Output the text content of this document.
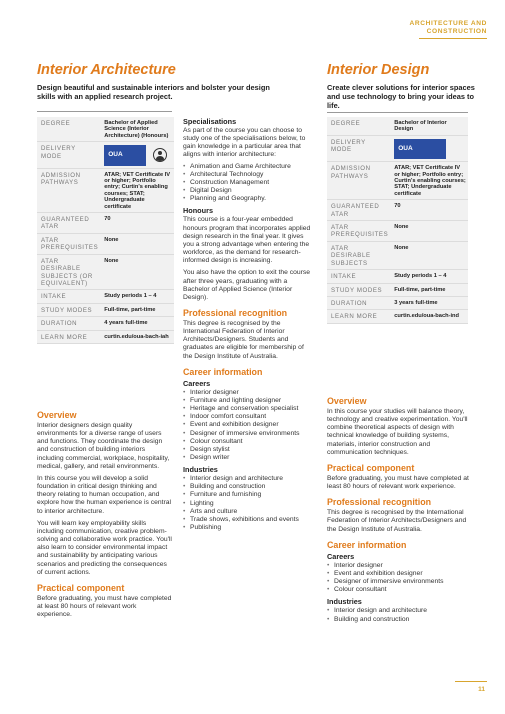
ARCHITECTURE AND
CONSTRUCTION
Interior Architecture

Design beautiful and sustainable interiors and bolster your design skills with an applied research project.

DEGREE	Bachelor of Applied Science (Interior Architecture) (Honours)
DELIVERY MODE	OUA

ADMISSION PATHWAYS	ATAR; VET Certificate IV or higher; Portfolio entry; Curtin's enabling courses; STAT; Undergraduate certificate
GUARANTEED ATAR	70
ATAR PREREQUISITES	None
ATAR DESIRABLE SUBJECTS (OR EQUIVALENT)	None
INTAKE	Study periods 1 – 4
STUDY MODES	Full-time, part-time
DURATION	4 years full-time
LEARN MORE	curtin.edu/oua-bach-iah
Overview

Interior designers design quality environments for a diverse range of users and functions. They coordinate the design and construction of building interiors including commercial, workplace, hospitality, medical, gallery, and retail environments.

In this course you will develop a solid foundation in critical design thinking and theory relating to human occupation, and explore how the human experience is central to interior architecture.

You will learn key employability skills including communication, creative problem-solving and collaborative work practice. You'll also learn to consider environmental impact and sustainability by anticipating various scenarios and predicting the consequences of current actions.

Practical component

Before graduating, you must have completed at least 80 hours of relevant work experience.

Specialisations

As part of the course you can choose to study one of the specialisations below, to gain knowledge in a particular area that aligns with interior architecture:

• Animation and Game Architecture
• Architectural Technology
• Construction Management
• Digital Design
• Planning and Geography.
Honours

This course is a four-year embedded honours program that incorporates applied design research in the final year. It gives you a strong advantage when entering the workforce, as the demand for research-informed design is increasing.

You also have the option to exit the course after three years, graduating with a Bachelor of Applied Science (Interior Design).

Professional recognition

This degree is recognised by the International Federation of Interior Architects/Designers. Students and graduates are eligible for membership of the Design Institute of Australia.

Career information
Careers
• Interior designer
• Furniture and lighting designer
• Heritage and conservation specialist
• Indoor comfort consultant
• Event and exhibition designer
• Designer of immersive environments
• Colour consultant
• Design stylist
• Design writer
Industries
• Interior design and architecture
• Building and construction
• Furniture and furnishing
• Lighting
• Arts and culture
• Trade shows, exhibitions and events
• Publishing
Interior Design

Create clever solutions for interior spaces and use technology to bring your ideas to life.

DEGREE	Bachelor of Interior Design
DELIVERY MODE	OUA

ADMISSION PATHWAYS	ATAR; VET Certificate IV or higher; Portfolio entry; Curtin's enabling courses; STAT; Undergraduate certificate
GUARANTEED ATAR	70
ATAR PREREQUISITES	None
ATAR DESIRABLE SUBJECTS	None
INTAKE	Study periods 1 – 4
STUDY MODES	Full-time, part-time
DURATION	3 years full-time
LEARN MORE	curtin.edu/oua-bach-ind
Overview

In this course your studies will balance theory, technology and creative experimentation. You'll combine theoretical aspects of design with technical knowledge of building systems, materials, interior construction and communication techniques.

Practical component

Before graduating, you must have completed at least 80 hours of relevant work experience.

Professional recognition

This degree is recognised by the International Federation of Interior Architects/Designers and the Design Institute of Australia.

Career information
Careers
• Interior designer
• Event and exhibition designer
• Designer of immersive environments
• Colour consultant
Industries
• Interior design and architecture
• Building and construction
11
